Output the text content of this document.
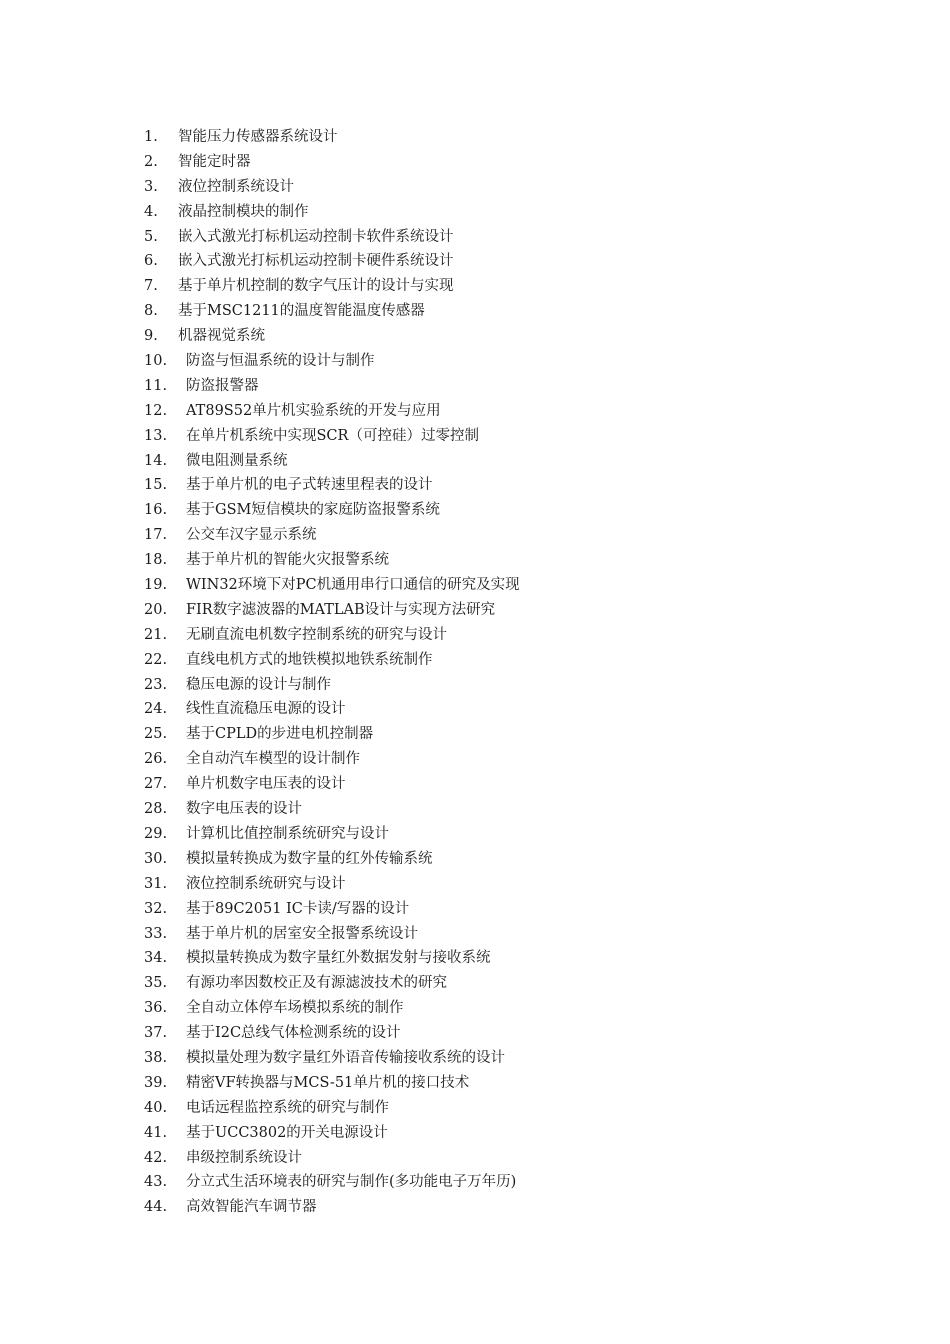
1.	智能压力传感器系统设计
2.	智能定时器
3.	液位控制系统设计
4.	液晶控制模块的制作
5.	嵌入式激光打标机运动控制卡软件系统设计
6.	嵌入式激光打标机运动控制卡硬件系统设计
7.	基于单片机控制的数字气压计的设计与实现
8.	基于MSC1211的温度智能温度传感器
9.	机器视觉系统
10.	防盗与恒温系统的设计与制作
11.	防盗报警器
12.	AT89S52单片机实验系统的开发与应用
13.	在单片机系统中实现SCR（可控硅）过零控制
14.	微电阻测量系统
15.	基于单片机的电子式转速里程表的设计
16.	基于GSM短信模块的家庭防盗报警系统
17.	公交车汉字显示系统
18.	基于单片机的智能火灾报警系统
19.	WIN32环境下对PC机通用串行口通信的研究及实现
20.	FIR数字滤波器的MATLAB设计与实现方法研究
21.	无刷直流电机数字控制系统的研究与设计
22.	直线电机方式的地铁模拟地铁系统制作
23.	稳压电源的设计与制作
24.	线性直流稳压电源的设计
25.	基于CPLD的步进电机控制器
26.	全自动汽车模型的设计制作
27.	单片机数字电压表的设计
28.	数字电压表的设计
29.	计算机比值控制系统研究与设计
30.	模拟量转换成为数字量的红外传输系统
31.	液位控制系统研究与设计
32.	基于89C2051 IC卡读/写器的设计
33.	基于单片机的居室安全报警系统设计
34.	模拟量转换成为数字量红外数据发射与接收系统
35.	有源功率因数校正及有源滤波技术的研究
36.	全自动立体停车场模拟系统的制作
37.	基于I2C总线气体检测系统的设计
38.	模拟量处理为数字量红外语音传输接收系统的设计
39.	精密VF转换器与MCS-51单片机的接口技术
40.	电话远程监控系统的研究与制作
41.	基于UCC3802的开关电源设计
42.	串级控制系统设计
43.	分立式生活环境表的研究与制作(多功能电子万年历)
44.	高效智能汽车调节器
